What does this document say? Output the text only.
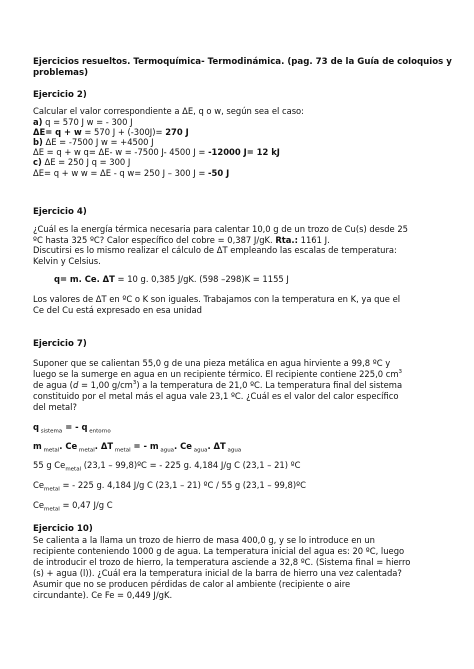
Ejercicios resueltos. Termoquímica- Termodinámica. (pag. 73 de la Guía de coloquios y
problemas)
Ejercicio 2)
Calcular el valor correspondiente a ΔE, q o w, según sea el caso:
a) q = 570 J w = - 300 J
ΔE= q + w = 570 J + (-300J)= 270 J
b) ΔE = -7500 J w = +4500 J
ΔE = q + w q= ΔE- w = -7500 J- 4500 J = -12000 J= 12 kJ
c) ΔE = 250 J q = 300 J
ΔE= q + w w = ΔE - q w= 250 J – 300 J = -50 J
Ejercicio 4)
¿Cuál es la energía térmica necesaria para calentar 10,0 g de un trozo de Cu(s) desde 25
ºC hasta 325 ºC? Calor específico del cobre = 0,387 J/gK. Rta.: 1161 J.
Discutirsi es lo mismo realizar el cálculo de ΔT empleando las escalas de temperatura:
Kelvin y Celsius.
q= m. Ce. ΔT = 10 g. 0,385 J/gK. (598 –298)K = 1155 J
Los valores de ΔT en ºC o K son iguales. Trabajamos con la temperatura en K, ya que el
Ce del Cu está expresado en esa unidad
Ejercicio 7)
Suponer que se calientan 55,0 g de una pieza metálica en agua hirviente a 99,8 ºC y
luego se la sumerge en agua en un recipiente térmico. El recipiente contiene 225,0 $cm^3$
de agua (d = 1,00 $g/cm^3$) a la temperatura de 21,0 ºC. La temperatura final del sistema
constituido por el metal más el agua vale 23,1 ºC. ¿Cuál es el valor del calor específico
del metal?
q $_{sistema}$ = - q $_{entorno}$
m $_{metal}$. Ce $_{metal}$. ΔT $_{metal}$ = - m $_{agua}$. Ce $_{agua}$. ΔT $_{agua}$
55 g $Ce_{metal}$ (23,1 – 99,8)ºC = - 225 g. 4,184 J/g C (23,1 – 21) ºC
$Ce_{metal}$ = - 225 g. 4,184 J/g C (23,1 – 21) ºC / 55 g (23,1 – 99,8)ºC
$Ce_{metal} = 0,47$ J/g C
Ejercicio 10)
Se calienta a la llama un trozo de hierro de masa 400,0 g, y se lo introduce en un
recipiente conteniendo 1000 g de agua. La temperatura inicial del agua es: 20 ºC, luego
de introducir el trozo de hierro, la temperatura asciende a 32,8 ºC. (Sistema final = hierro
(s) + agua (l)). ¿Cuál era la temperatura inicial de la barra de hierro una vez calentada?
Asumir que no se producen pérdidas de calor al ambiente (recipiente o aire
circundante). Ce Fe = 0,449 J/gK.
